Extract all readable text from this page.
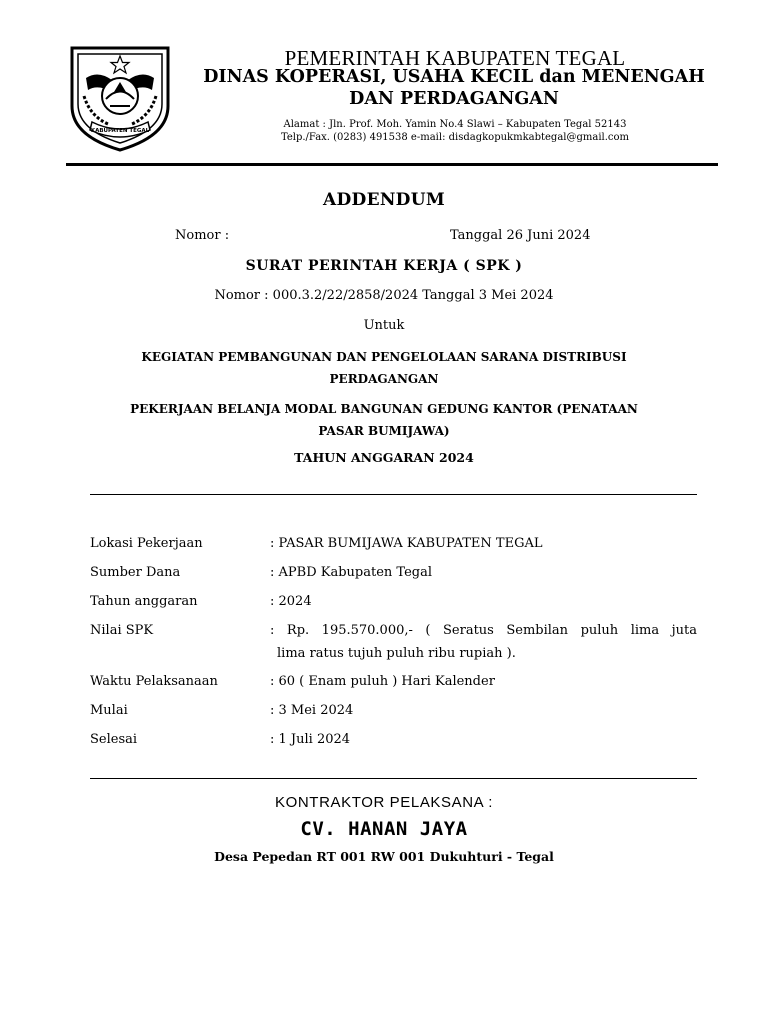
KABUPATEN TEGAL
PEMERINTAH KABUPATEN TEGAL
DINAS KOPERASI, USAHA KECIL dan MENENGAH
DAN PERDAGANGAN
Alamat : Jln. Prof. Moh. Yamin No.4 Slawi – Kabupaten Tegal 52143
Telp./Fax. (0283) 491538 e-mail: disdagkopukmkabtegal@gmail.com
ADDENDUM
Nomor :	Tanggal 26 Juni 2024
SURAT PERINTAH KERJA ( SPK )
Nomor : 000.3.2/22/2858/2024 Tanggal 3 Mei 2024
Untuk
KEGIATAN PEMBANGUNAN DAN PENGELOLAAN SARANA DISTRIBUSI
PERDAGANGAN
PEKERJAAN BELANJA MODAL BANGUNAN GEDUNG KANTOR (PENATAAN
PASAR BUMIJAWA)
TAHUN ANGGARAN 2024
Lokasi Pekerjaan	: PASAR BUMIJAWA KABUPATEN TEGAL
Sumber Dana	: APBD Kabupaten Tegal
Tahun anggaran	: 2024
Nilai SPK	: Rp. 195.570.000,- ( Seratus Sembilan puluh lima juta
lima ratus tujuh puluh ribu rupiah ).
Waktu Pelaksanaan	: 60 ( Enam puluh ) Hari Kalender
Mulai	: 3 Mei 2024
Selesai	: 1 Juli 2024
KONTRAKTOR PELAKSANA :
CV. HANAN JAYA
Desa Pepedan RT 001 RW 001 Dukuhturi - Tegal
